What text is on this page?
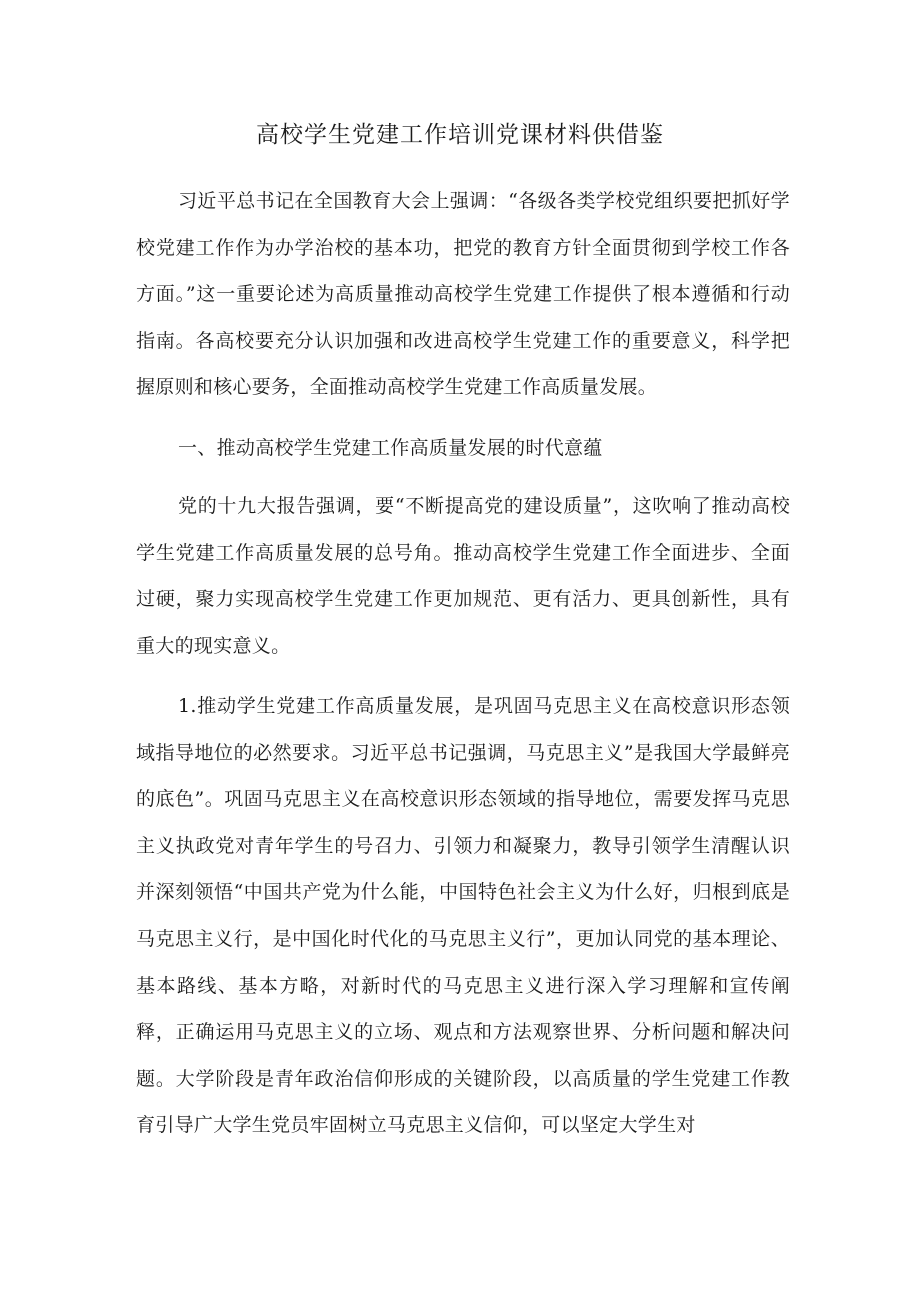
高校学生党建工作培训党课材料供借鉴

习近平总书记在全国教育大会上强调：“各级各类学校党组织要把抓好学校党建工作作为办学治校的基本功，把党的教育方针全面贯彻到学校工作各方面。”这一重要论述为高质量推动高校学生党建工作提供了根本遵循和行动指南。各高校要充分认识加强和改进高校学生党建工作的重要意义，科学把握原则和核心要务，全面推动高校学生党建工作高质量发展。

一、推动高校学生党建工作高质量发展的时代意蕴

党的十九大报告强调，要“不断提高党的建设质量”，这吹响了推动高校学生党建工作高质量发展的总号角。推动高校学生党建工作全面进步、全面过硬，聚力实现高校学生党建工作更加规范、更有活力、更具创新性，具有重大的现实意义。

1.推动学生党建工作高质量发展，是巩固马克思主义在高校意识形态领域指导地位的必然要求。习近平总书记强调，马克思主义”是我国大学最鲜亮的底色”。巩固马克思主义在高校意识形态领域的指导地位，需要发挥马克思主义执政党对青年学生的号召力、引领力和凝聚力，教导引领学生清醒认识并深刻领悟“中国共产党为什么能，中国特色社会主义为什么好，归根到底是马克思主义行，是中国化时代化的马克思主义行”，更加认同党的基本理论、基本路线、基本方略，对新时代的马克思主义进行深入学习理解和宣传阐释，正确运用马克思主义的立场、观点和方法观察世界、分析问题和解决问题。大学阶段是青年政治信仰形成的关键阶段，以高质量的学生党建工作教育引导广大学生党员牢固树立马克思主义信仰，可以坚定大学生对
